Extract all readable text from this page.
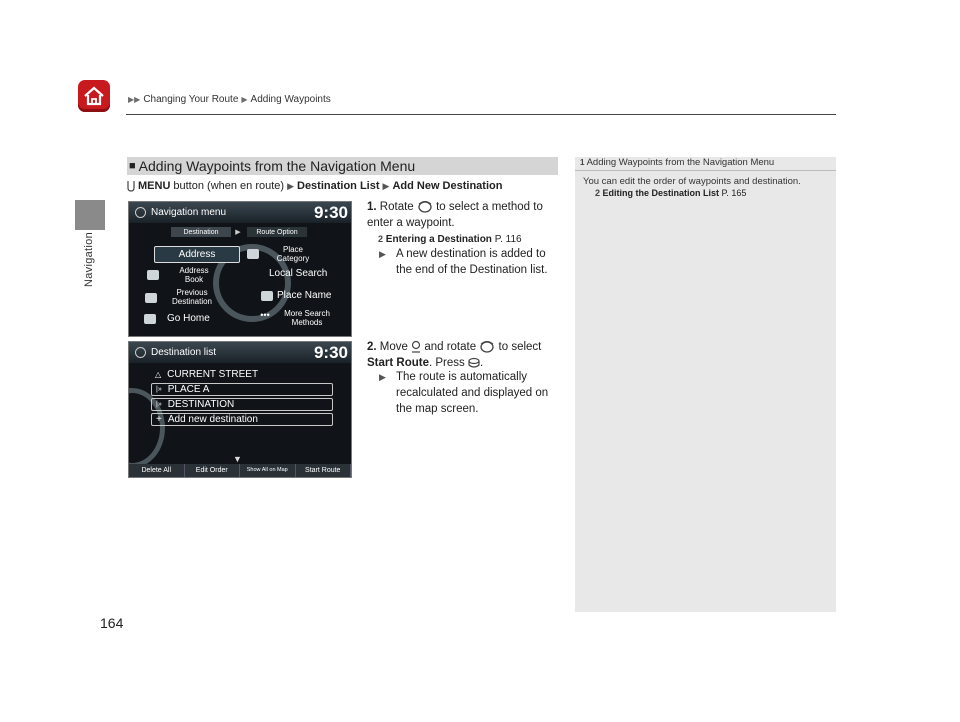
▶▶ Changing Your Route ▶ Adding Waypoints
Navigation
■ Adding Waypoints from the Navigation Menu
MENU button (when en route) ▶ Destination List ▶ Add New Destination
Navigation menu	9:30
Destination	▶	Route Option
Address	Place
Category
Address
Book
Local Search
Previous
Destination
Place Name
Go Home	•••	More Search
Methods
Destination list	9:30
△ CURRENT STREET
|» PLACE A
|» DESTINATION
+ Add new destination
▼
Delete All	Edit Order	Show All on Map	Start Route
1. Rotate to select a method to enter a waypoint.
2 Entering a Destination P. 116
▶ A new destination is added to the end of the Destination list.
2. Move and rotate to select Start Route. Press .
▶ The route is automatically recalculated and displayed on the map screen.
1 Adding Waypoints from the Navigation Menu
You can edit the order of waypoints and destination.
2 Editing the Destination List P. 165
164
